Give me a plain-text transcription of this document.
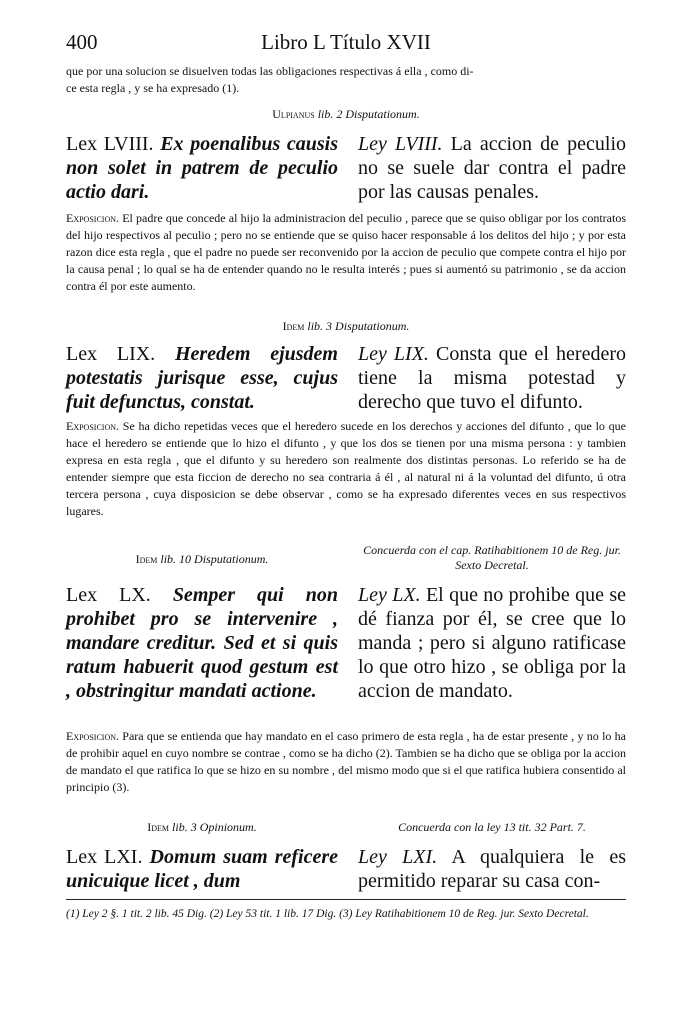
400	Libro L Título XVII

que por una solucion se disuelven todas las obligaciones respectivas á ella , como di-

ce esta regla , y se ha expresado (1).

Ulpianus lib. 2 Disputationum.
Lex LVIII. Ex poenalibus causis non solet in patrem de peculio actio dari.
Ley LVIII. La accion de peculio no se suele dar contra el padre por las causas penales.
Exposicion. El padre que concede al hijo la administracion del peculio , parece que se quiso obligar por los contratos del hijo respectivos al peculio ; pero no se entiende que se quiso hacer responsable á los delitos del hijo ; y por esta razon dice esta regla , que el padre no puede ser reconvenido por la accion de peculio que compete contra el hijo por la causa penal ; lo qual se ha de entender quando no le resulta interés ; pues si aumentó su patrimonio , se da accion contra él por este aumento.
Idem lib. 3 Disputationum.
Lex LIX. Heredem ejusdem potestatis jurisque esse, cujus fuit defunctus, constat.
Ley LIX. Consta que el heredero tiene la misma potestad y derecho que tuvo el difunto.
Exposicion. Se ha dicho repetidas veces que el heredero sucede en los derechos y acciones del difunto , que lo que hace el heredero se entiende que lo hizo el difunto , y que los dos se tienen por una misma persona : y tambien expresa en esta regla , que el difunto y su heredero son realmente dos distintas personas. Lo referido se ha de entender siempre que esta ficcion de derecho no sea contraria á él , al natural ni á la voluntad del difunto, ú otra tercera persona , cuya disposicion se debe observar , como se ha expresado diferentes veces en sus respectivos lugares.
Idem lib. 10 Disputationum.
Concuerda con el cap. Ratihabitionem 10 de Reg. jur. Sexto Decretal.
Lex LX. Semper qui non prohibet pro se intervenire , mandare creditur. Sed et si quis ratum habuerit quod gestum est , obstringitur mandati actione.
Ley LX. El que no prohibe que se dé fianza por él, se cree que lo manda ; pero si alguno ratificase lo que otro hizo , se obliga por la accion de mandato.
Exposicion. Para que se entienda que hay mandato en el caso primero de esta regla , ha de estar presente , y no lo ha de prohibir aquel en cuyo nombre se contrae , como se ha dicho (2). Tambien se ha dicho que se obliga por la accion de mandato el que ratifica lo que se hizo en su nombre , del mismo modo que si el que ratifica hubiera consentido al principio (3).
Idem lib. 3 Opinionum.	Concuerda con la ley 13 tit. 32 Part. 7.
Lex LXI. Domum suam reficere unicuique licet , dum
Ley LXI. A qualquiera le es permitido reparar su casa con-
(1) Ley 2 §. 1 tit. 2 lib. 45 Dig. (2) Ley 53 tit. 1 lib. 17 Dig. (3) Ley Ratihabitionem 10 de Reg. jur. Sexto Decretal.
